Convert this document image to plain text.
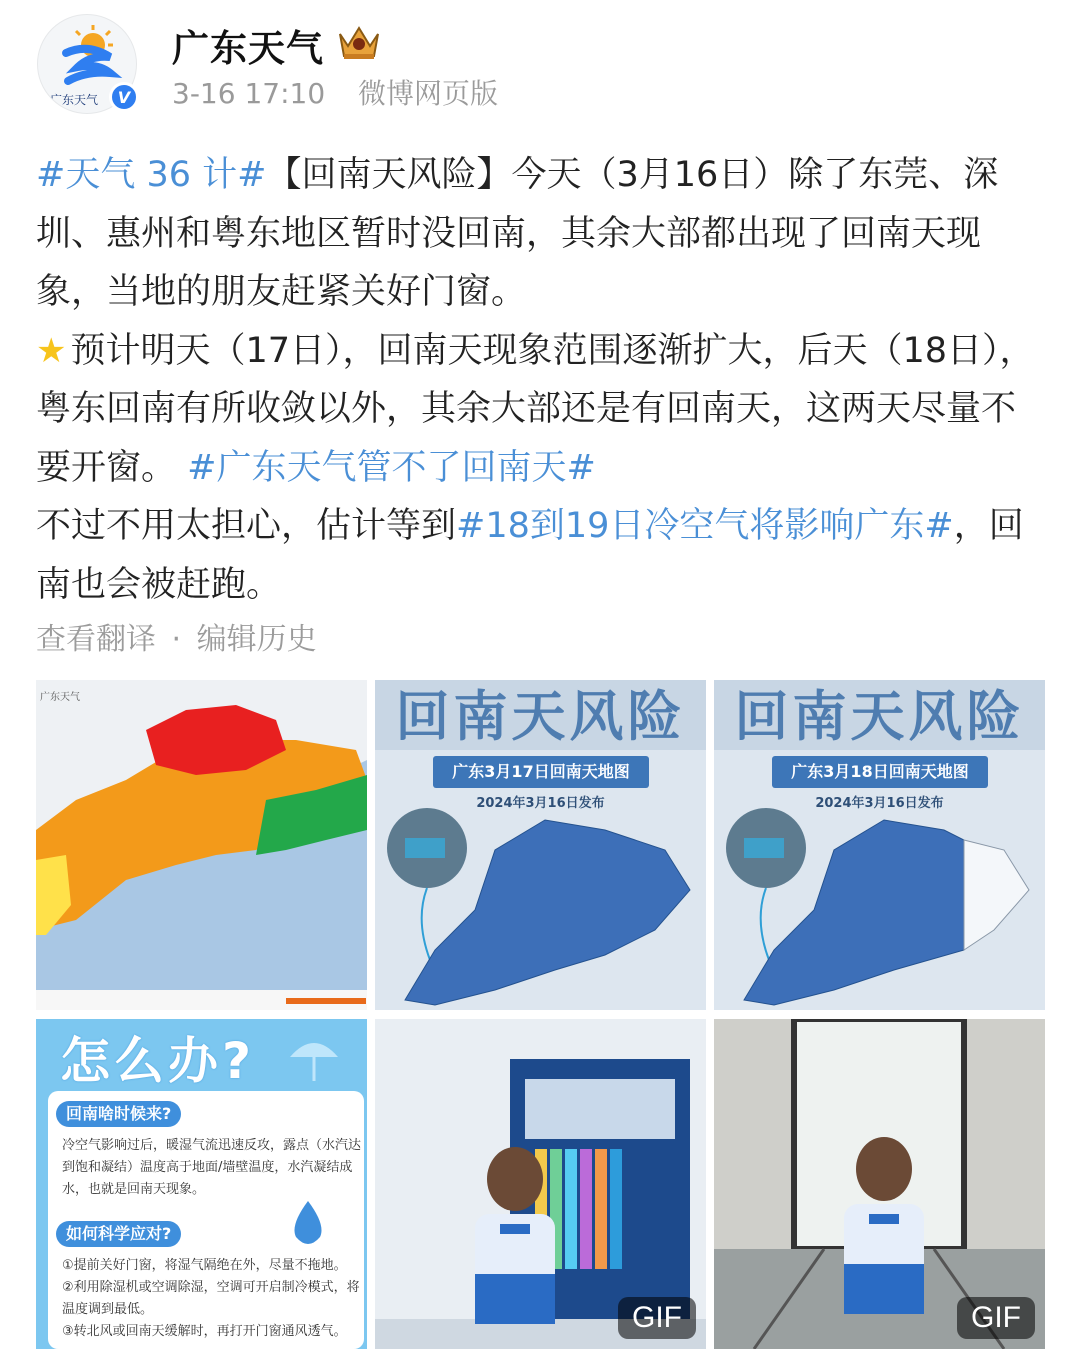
广东天气	V
广东天气
3-16 17:10 微博网页版
#天气 36 计#【回南天风险】今天（3月16日）除了东莞、深圳、惠州和粤东地区暂时没回南，其余大部都出现了回南天现象，当地的朋友赶紧关好门窗。
★ 预计明天（17日），回南天现象范围逐渐扩大，后天（18日），粤东回南有所收敛以外，其余大部还是有回南天，这两天尽量不要开窗。 #广东天气管不了回南天#
不过不用太担心，估计等到#18到19日冷空气将影响广东#，回南也会被赶跑。
查看翻译 · 编辑历史
广东天气	回南天风险
广东3月17日回南天地图
2024年3月16日发布
回南天风险
广东3月18日回南天地图
2024年3月16日发布
怎么办?
回南啥时候来?
冷空气影响过后，暖湿气流迅速反攻，露点（水汽达到饱和凝结）温度高于地面/墙壁温度，水汽凝结成水，也就是回南天现象。
如何科学应对?
①提前关好门窗，将湿气隔绝在外，尽量不拖地。
②利用除湿机或空调除湿，空调可开启制冷模式，将温度调到最低。
③转北风或回南天缓解时，再打开门窗通风透气。	GIF	GIF
